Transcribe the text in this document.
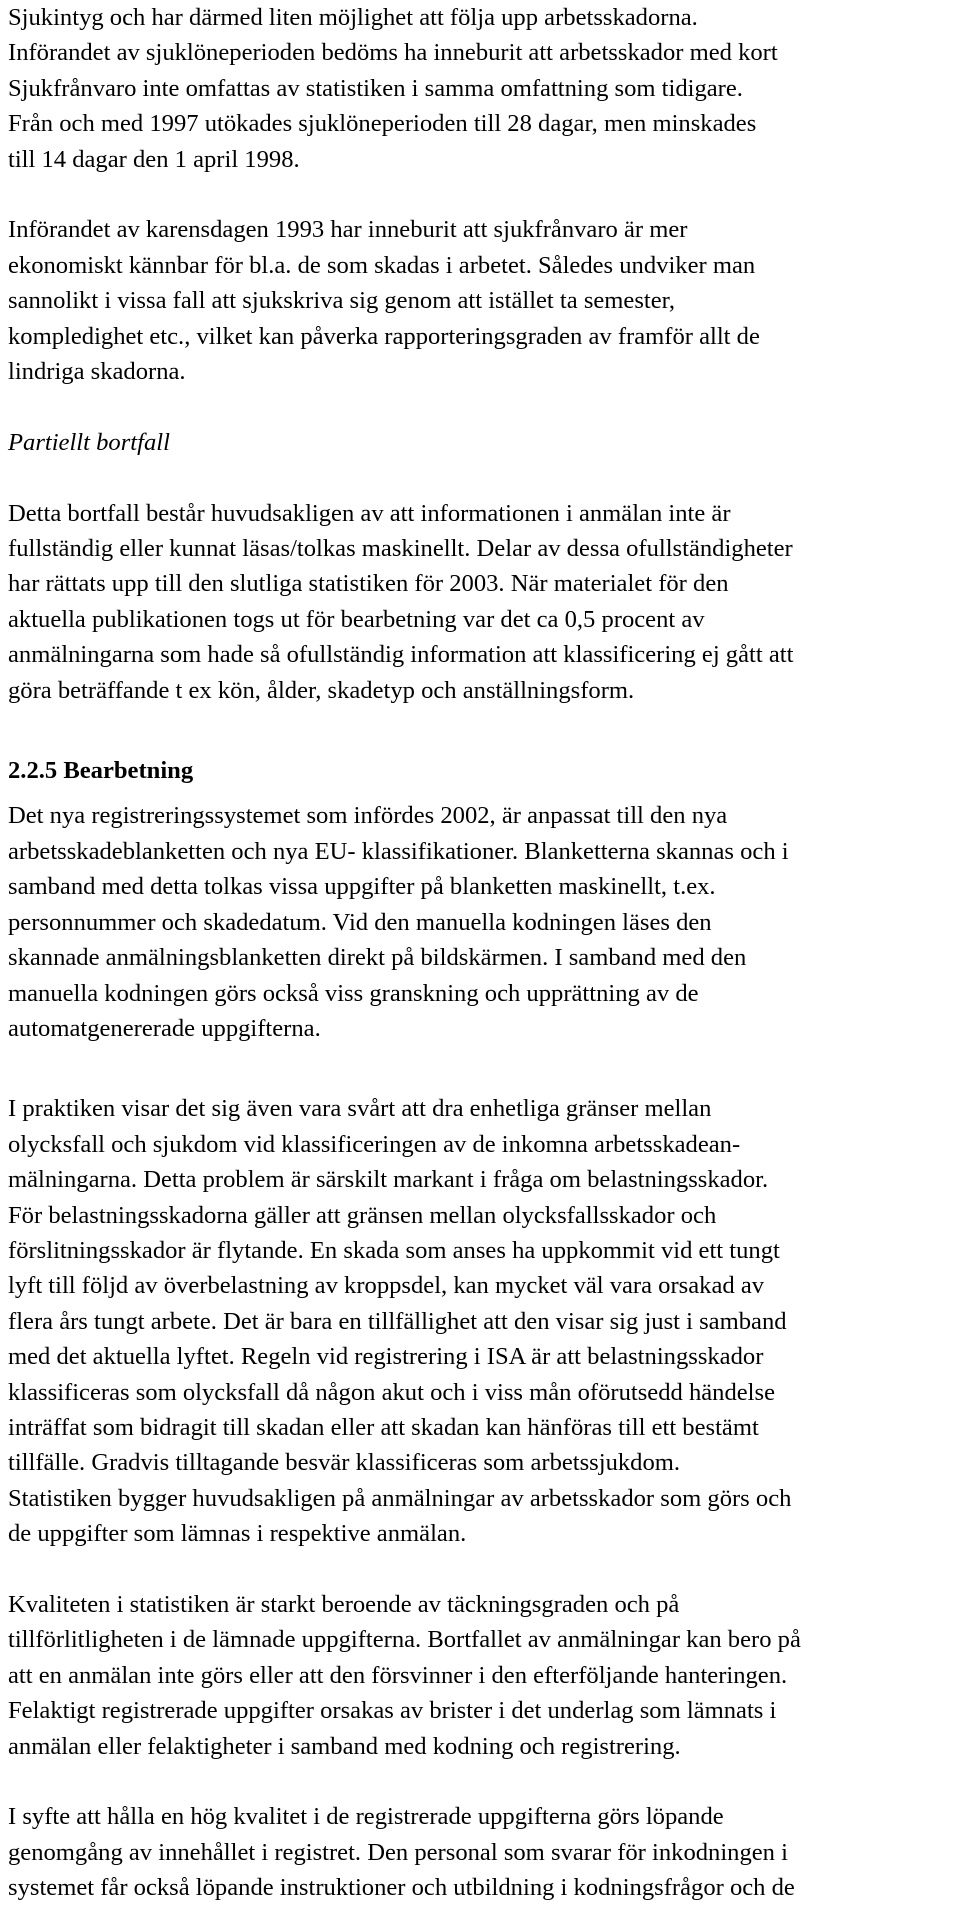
Sjukintyg och har därmed liten möjlighet att följa upp arbetsskadorna.
Införandet av sjuklöneperioden bedöms ha inneburit att arbetsskador med kort
Sjukfrånvaro inte omfattas av statistiken i samma omfattning som tidigare.
Från och med 1997 utökades sjuklöneperioden till 28 dagar, men minskades
till 14 dagar den 1 april 1998.
Införandet av karensdagen 1993 har inneburit att sjukfrånvaro är mer
ekonomiskt kännbar för bl.a. de som skadas i arbetet. Således undviker man
sannolikt i vissa fall att sjukskriva sig genom att istället ta semester,
kompledighet etc., vilket kan påverka rapporteringsgraden av framför allt de
lindriga skadorna.
Partiellt bortfall
Detta bortfall består huvudsakligen av att informationen i anmälan inte är
fullständig eller kunnat läsas/tolkas maskinellt. Delar av dessa ofullständigheter
har rättats upp till den slutliga statistiken för 2003. När materialet för den
aktuella publikationen togs ut för bearbetning var det ca 0,5 procent av
anmälningarna som hade så ofullständig information att klassificering ej gått att
göra beträffande t ex kön, ålder, skadetyp och anställningsform.
2.2.5 Bearbetning
Det nya registreringssystemet som infördes 2002, är anpassat till den nya
arbetsskadeblanketten och nya EU- klassifikationer. Blanketterna skannas och i
samband med detta tolkas vissa uppgifter på blanketten maskinellt, t.ex.
personnummer och skadedatum. Vid den manuella kodningen läses den
skannade anmälningsblanketten direkt på bildskärmen. I samband med den
manuella kodningen görs också viss granskning och upprättning av de
automatgenererade uppgifterna.
I praktiken visar det sig även vara svårt att dra enhetliga gränser mellan
olycksfall och sjukdom vid klassificeringen av de inkomna arbetsskadean-
mälningarna. Detta problem är särskilt markant i fråga om belastningsskador.
För belastningsskadorna gäller att gränsen mellan olycksfallsskador och
förslitningsskador är flytande. En skada som anses ha uppkommit vid ett tungt
lyft till följd av överbelastning av kroppsdel, kan mycket väl vara orsakad av
flera års tungt arbete. Det är bara en tillfällighet att den visar sig just i samband
med det aktuella lyftet. Regeln vid registrering i ISA är att belastningsskador
klassificeras som olycksfall då någon akut och i viss mån oförutsedd händelse
inträffat som bidragit till skadan eller att skadan kan hänföras till ett bestämt
tillfälle. Gradvis tilltagande besvär klassificeras som arbetssjukdom.
Statistiken bygger huvudsakligen på anmälningar av arbetsskador som görs och
de uppgifter som lämnas i respektive anmälan.
Kvaliteten i statistiken är starkt beroende av täckningsgraden och på
tillförlitligheten i de lämnade uppgifterna. Bortfallet av anmälningar kan bero på
att en anmälan inte görs eller att den försvinner i den efterföljande hanteringen.
Felaktigt registrerade uppgifter orsakas av brister i det underlag som lämnats i
anmälan eller felaktigheter i samband med kodning och registrering.
I syfte att hålla en hög kvalitet i de registrerade uppgifterna görs löpande
genomgång av innehållet i registret. Den personal som svarar för inkodningen i
systemet får också löpande instruktioner och utbildning i kodningsfrågor och de
